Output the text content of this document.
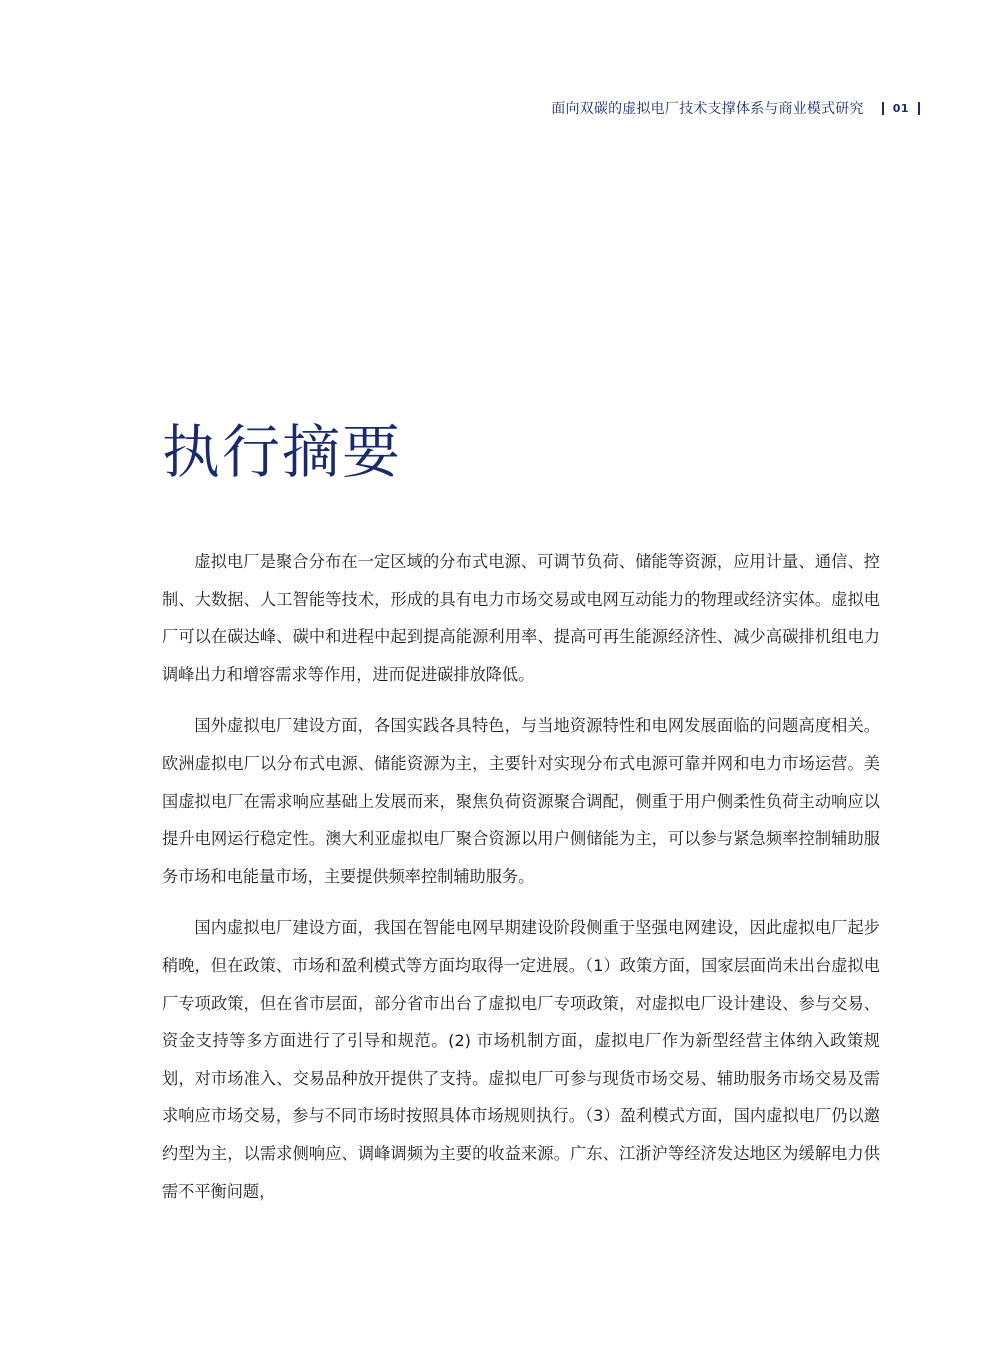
面向双碳的虚拟电厂技术支撑体系与商业模式研究	01
执行摘要

虚拟电厂是聚合分布在一定区域的分布式电源、可调节负荷、储能等资源，应用计量、通信、控制、大数据、人工智能等技术，形成的具有电力市场交易或电网互动能力的物理或经济实体。虚拟电厂可以在碳达峰、碳中和进程中起到提高能源利用率、提高可再生能源经济性、减少高碳排机组电力调峰出力和增容需求等作用，进而促进碳排放降低。

国外虚拟电厂建设方面，各国实践各具特色，与当地资源特性和电网发展面临的问题高度相关。欧洲虚拟电厂以分布式电源、储能资源为主，主要针对实现分布式电源可靠并网和电力市场运营。美国虚拟电厂在需求响应基础上发展而来，聚焦负荷资源聚合调配，侧重于用户侧柔性负荷主动响应以提升电网运行稳定性。澳大利亚虚拟电厂聚合资源以用户侧储能为主，可以参与紧急频率控制辅助服务市场和电能量市场，主要提供频率控制辅助服务。

国内虚拟电厂建设方面，我国在智能电网早期建设阶段侧重于坚强电网建设，因此虚拟电厂起步稍晚，但在政策、市场和盈利模式等方面均取得一定进展。（1）政策方面，国家层面尚未出台虚拟电厂专项政策，但在省市层面，部分省市出台了虚拟电厂专项政策，对虚拟电厂设计建设、参与交易、资金支持等多方面进行了引导和规范。(2) 市场机制方面，虚拟电厂作为新型经营主体纳入政策规划，对市场准入、交易品种放开提供了支持。虚拟电厂可参与现货市场交易、辅助服务市场交易及需求响应市场交易，参与不同市场时按照具体市场规则执行。（3）盈利模式方面，国内虚拟电厂仍以邀约型为主，以需求侧响应、调峰调频为主要的收益来源。广东、江浙沪等经济发达地区为缓解电力供需不平衡问题，
